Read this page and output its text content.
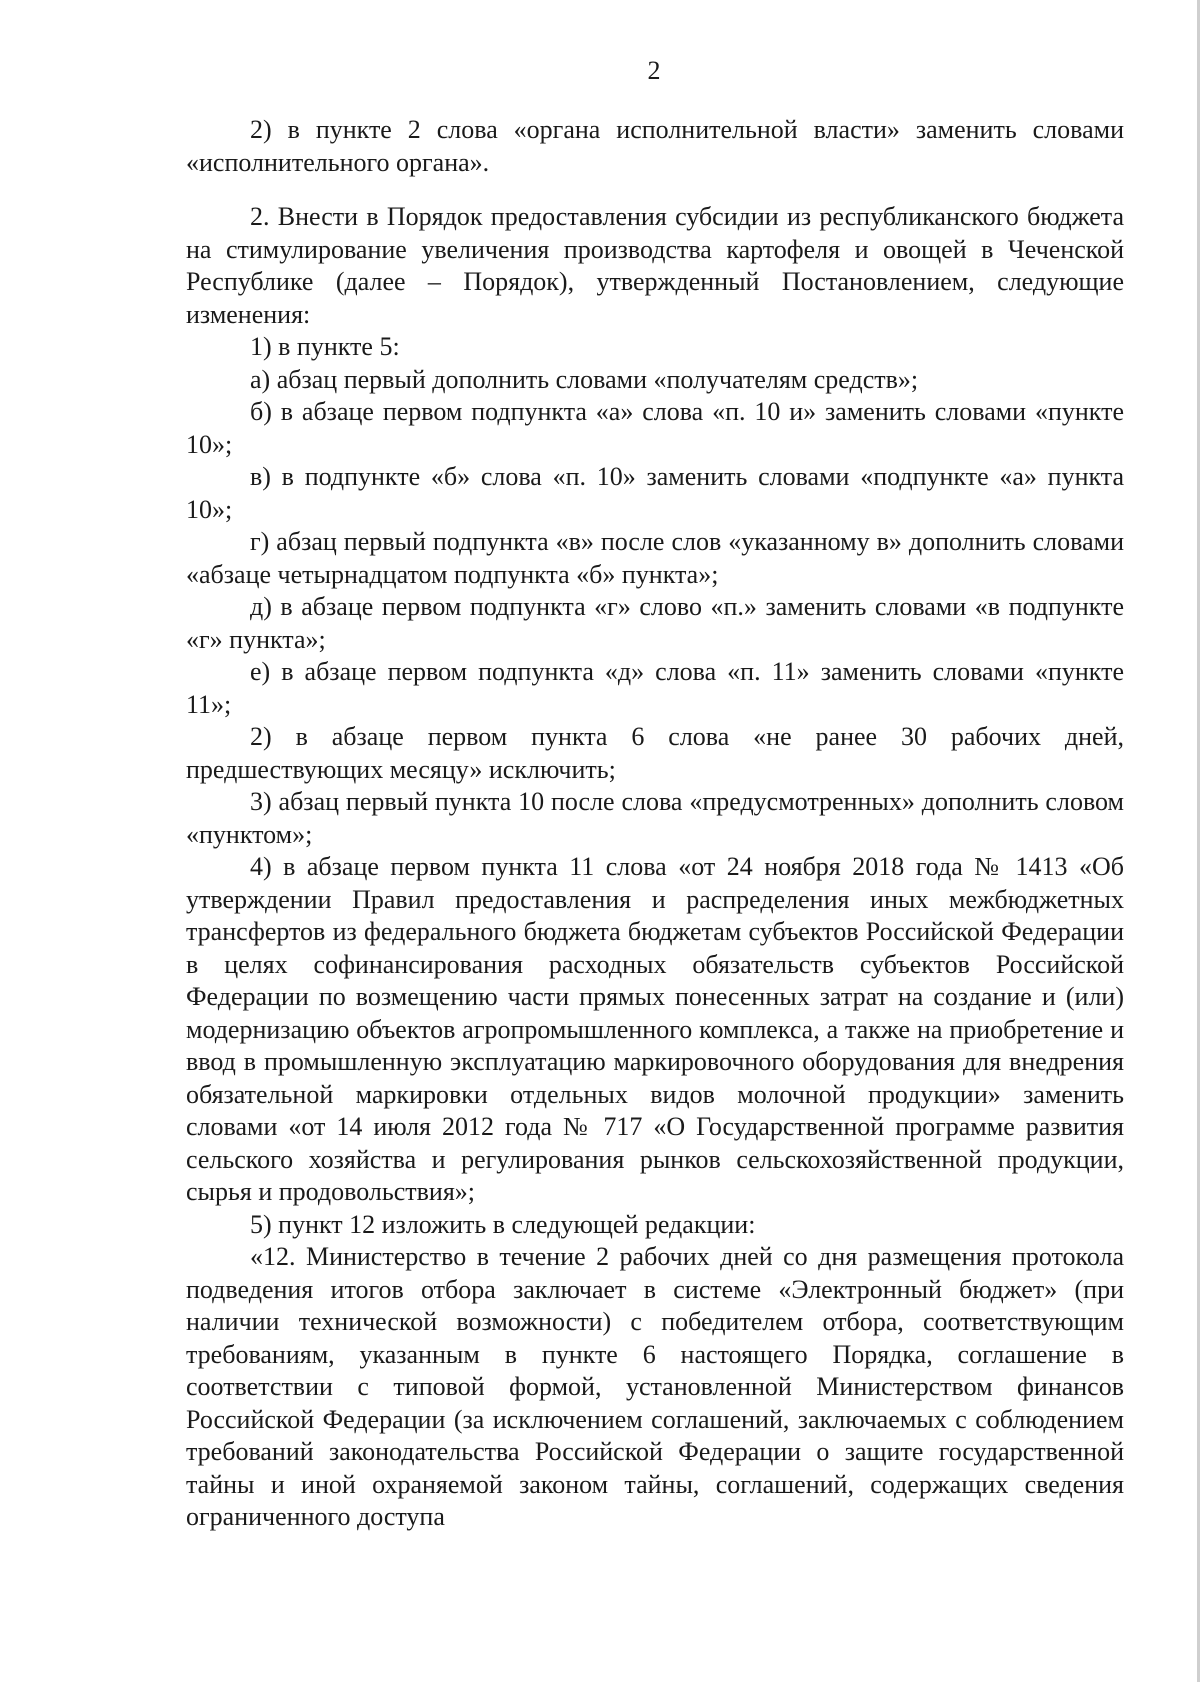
2

2) в пункте 2 слова «органа исполнительной власти» заменить словами «исполнительного органа».

2. Внести в Порядок предоставления субсидии из республиканского бюджета на стимулирование увеличения производства картофеля и овощей в Чеченской Республике (далее – Порядок), утвержденный Постановлением, следующие изменения:

1) в пункте 5:

а) абзац первый дополнить словами «получателям средств»;

б) в абзаце первом подпункта «а» слова «п. 10 и» заменить словами «пункте 10»;

в) в подпункте «б» слова «п. 10» заменить словами «подпункте «а» пункта 10»;

г) абзац первый подпункта «в» после слов «указанному в» дополнить словами «абзаце четырнадцатом подпункта «б» пункта»;

д) в абзаце первом подпункта «г» слово «п.» заменить словами «в подпункте «г» пункта»;

е) в абзаце первом подпункта «д» слова «п. 11» заменить словами «пункте 11»;

2) в абзаце первом пункта 6 слова «не ранее 30 рабочих дней, предшествующих месяцу» исключить;

3) абзац первый пункта 10 после слова «предусмотренных» дополнить словом «пунктом»;

4) в абзаце первом пункта 11 слова «от 24 ноября 2018 года № 1413 «Об утверждении Правил предоставления и распределения иных межбюджетных трансфертов из федерального бюджета бюджетам субъектов Российской Федерации в целях софинансирования расходных обязательств субъектов Российской Федерации по возмещению части прямых понесенных затрат на создание и (или) модернизацию объектов агропромышленного комплекса, а также на приобретение и ввод в промышленную эксплуатацию маркировочного оборудования для внедрения обязательной маркировки отдельных видов молочной продукции» заменить словами «от 14 июля 2012 года № 717 «О Государственной программе развития сельского хозяйства и регулирования рынков сельскохозяйственной продукции, сырья и продовольствия»;

5) пункт 12 изложить в следующей редакции:

«12. Министерство в течение 2 рабочих дней со дня размещения протокола подведения итогов отбора заключает в системе «Электронный бюджет» (при наличии технической возможности) с победителем отбора, соответствующим требованиям, указанным в пункте 6 настоящего Порядка, соглашение в соответствии с типовой формой, установленной Министерством финансов Российской Федерации (за исключением соглашений, заключаемых с соблюдением требований законодательства Российской Федерации о защите государственной тайны и иной охраняемой законом тайны, соглашений, содержащих сведения ограниченного доступа
